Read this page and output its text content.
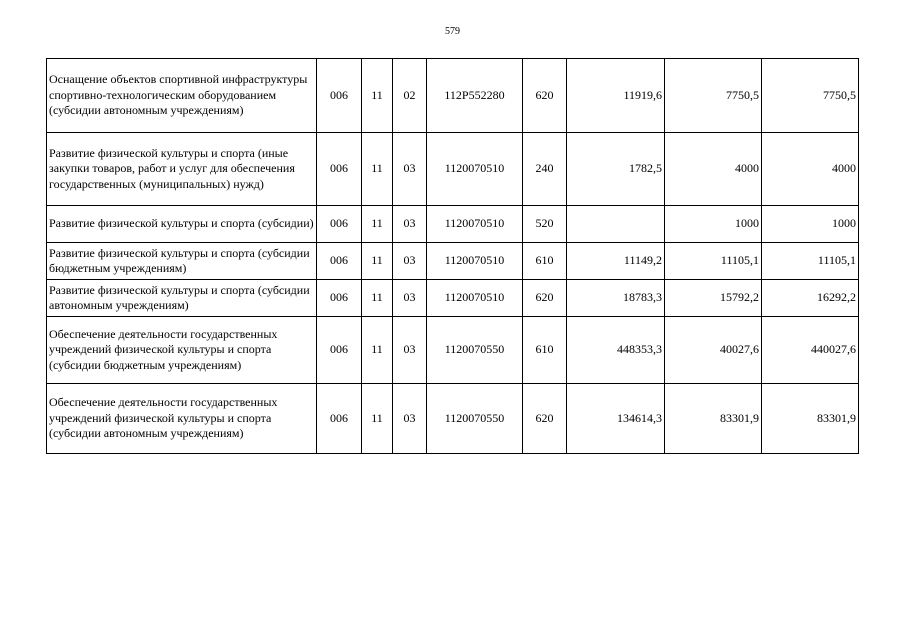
579
Оснащение объектов спортивной инфраструктуры спортивно-технологическим оборудованием (субсидии автономным учреждениям)	006	11	02	112P552280	620	11919,6	7750,5	7750,5
Развитие физической культуры и спорта (иные закупки товаров, работ и услуг для обеспечения государственных (муниципальных) нужд)	006	11	03	1120070510	240	1782,5	4000	4000
Развитие физической культуры и спорта (субсидии)	006	11	03	1120070510	520		1000	1000
Развитие физической культуры и спорта (субсидии бюджетным учреждениям)	006	11	03	1120070510	610	11149,2	11105,1	11105,1
Развитие физической культуры и спорта (субсидии автономным учреждениям)	006	11	03	1120070510	620	18783,3	15792,2	16292,2
Обеспечение деятельности государственных учреждений физической культуры и спорта (субсидии бюджетным учреждениям)	006	11	03	1120070550	610	448353,3	40027,6	440027,6
Обеспечение деятельности государственных учреждений физической культуры и спорта (субсидии автономным учреждениям)	006	11	03	1120070550	620	134614,3	83301,9	83301,9
